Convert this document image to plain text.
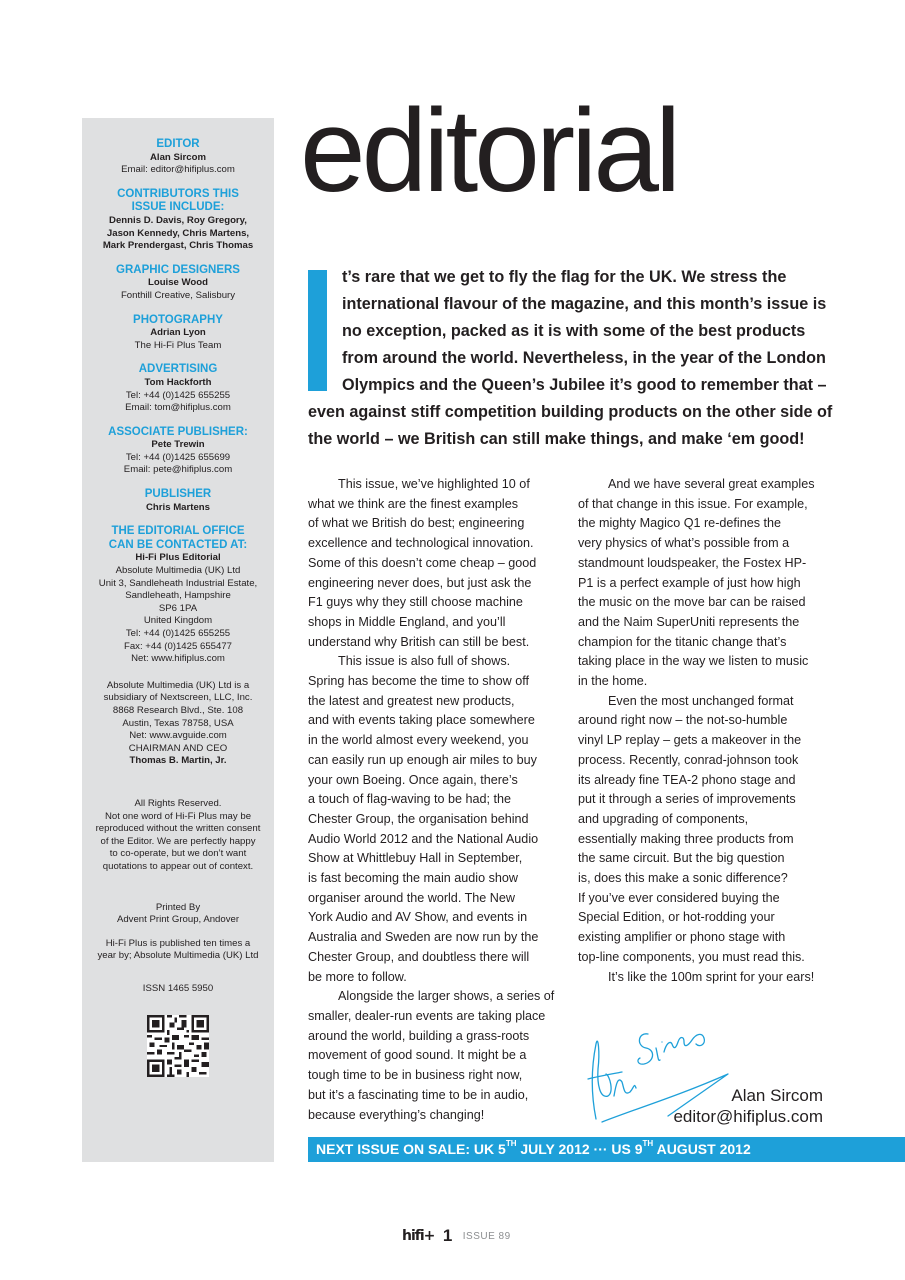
EDITOR
Alan Sircom
Email: editor@hifiplus.com
CONTRIBUTORS THIS
ISSUE INCLUDE:
Dennis D. Davis, Roy Gregory,
Jason Kennedy, Chris Martens,
Mark Prendergast, Chris Thomas
GRAPHIC DESIGNERS
Louise Wood
Fonthill Creative, Salisbury
PHOTOGRAPHY
Adrian Lyon
The Hi-Fi Plus Team
ADVERTISING
Tom Hackforth
Tel: +44 (0)1425 655255
Email: tom@hifiplus.com
ASSOCIATE PUBLISHER:
Pete Trewin
Tel: +44 (0)1425 655699
Email: pete@hifiplus.com
PUBLISHER
Chris Martens
THE EDITORIAL OFFICE
CAN BE CONTACTED AT:
Hi-Fi Plus Editorial
Absolute Multimedia (UK) Ltd
Unit 3, Sandleheath Industrial Estate,
Sandleheath, Hampshire
SP6 1PA
United Kingdom
Tel: +44 (0)1425 655255
Fax: +44 (0)1425 655477
Net: www.hifiplus.com
Absolute Multimedia (UK) Ltd is a
subsidiary of Nextscreen, LLC, Inc.
8868 Research Blvd., Ste. 108
Austin, Texas 78758, USA
Net: www.avguide.com
CHAIRMAN AND CEO
Thomas B. Martin, Jr.
All Rights Reserved.
Not one word of Hi-Fi Plus may be
reproduced without the written consent
of the Editor. We are perfectly happy
to co-operate, but we don’t want
quotations to appear out of context.
Printed By
Advent Print Group, Andover
Hi-Fi Plus is published ten times a
year by; Absolute Multimedia (UK) Ltd
ISSN 1465 5950
editorial
t’s rare that we get to fly the flag for the UK. We stress the
international flavour of the magazine, and this month’s issue is
no exception, packed as it is with some of the best products
from around the world. Nevertheless, in the year of the London
Olympics and the Queen’s Jubilee it’s good to remember that –
even against stiff competition building products on the other side of
the world – we British can still make things, and make ‘em good!
This issue, we’ve highlighted 10 of
what we think are the finest examples
of what we British do best; engineering
excellence and technological innovation.
Some of this doesn’t come cheap – good
engineering never does, but just ask the
F1 guys why they still choose machine
shops in Middle England, and you’ll
understand why British can still be best.
This issue is also full of shows.
Spring has become the time to show off
the latest and greatest new products,
and with events taking place somewhere
in the world almost every weekend, you
can easily run up enough air miles to buy
your own Boeing. Once again, there’s
a touch of flag-waving to be had; the
Chester Group, the organisation behind
Audio World 2012 and the National Audio
Show at Whittlebuy Hall in September,
is fast becoming the main audio show
organiser around the world. The New
York Audio and AV Show, and events in
Australia and Sweden are now run by the
Chester Group, and doubtless there will
be more to follow.
Alongside the larger shows, a series of
smaller, dealer-run events are taking place
around the world, building a grass-roots
movement of good sound. It might be a
tough time to be in business right now,
but it’s a fascinating time to be in audio,
because everything’s changing!
And we have several great examples
of that change in this issue. For example,
the mighty Magico Q1 re-defines the
very physics of what’s possible from a
standmount loudspeaker, the Fostex HP-
P1 is a perfect example of just how high
the music on the move bar can be raised
and the Naim SuperUniti represents the
champion for the titanic change that’s
taking place in the way we listen to music
in the home.
Even the most unchanged format
around right now – the not-so-humble
vinyl LP replay – gets a makeover in the
process. Recently, conrad-johnson took
its already fine TEA-2 phono stage and
put it through a series of improvements
and upgrading of components,
essentially making three products from
the same circuit. But the big question
is, does this make a sonic difference?
If you’ve ever considered buying the
Special Edition, or hot-rodding your
existing amplifier or phono stage with
top-line components, you must read this.
It’s like the 100m sprint for your ears!
Alan Sircom
editor@hifiplus.com
NEXT ISSUE ON SALE: UK 5TH JULY 2012 ··· US 9TH AUGUST 2012
hifi+ 1 ISSUE 89
